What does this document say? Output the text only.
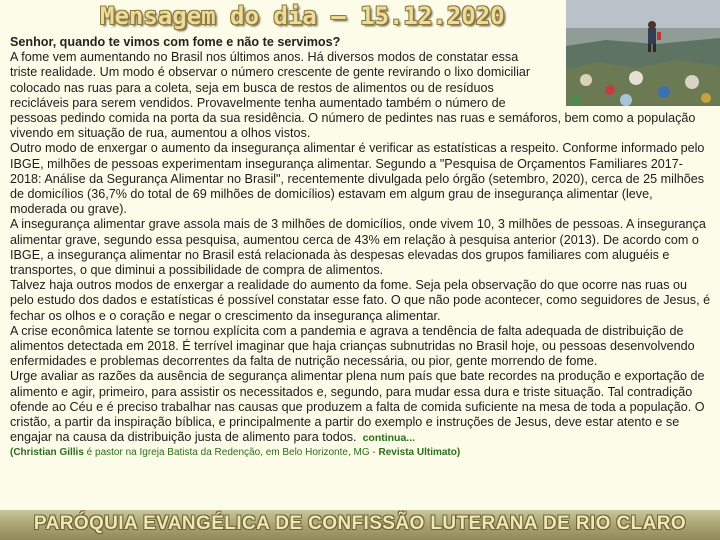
Mensagem do dia – 15.12.2020

Senhor, quando te vimos com fome e não te servimos?

A fome vem aumentando no Brasil nos últimos anos. Há diversos modos de constatar essa

triste realidade. Um modo é observar o número crescente de gente revirando o lixo domiciliar

colocado nas ruas para a coleta, seja em busca de restos de alimentos ou de resíduos

recicláveis para serem vendidos. Provavelmente tenha aumentado também o número de

pessoas pedindo comida na porta da sua residência. O número de pedintes nas ruas e semáforos, bem como a população vivendo em situação de rua, aumentou a olhos vistos.

Outro modo de enxergar o aumento da insegurança alimentar é verificar as estatísticas a respeito. Conforme informado pelo IBGE, milhões de pessoas experimentam insegurança alimentar. Segundo a "Pesquisa de Orçamentos Familiares 2017-2018: Análise da Segurança Alimentar no Brasil", recentemente divulgada pelo órgão (setembro, 2020), cerca de 25 milhões de domicílios (36,7% do total de 69 milhões de domicílios) estavam em algum grau de insegurança alimentar (leve, moderada ou grave).

A insegurança alimentar grave assola mais de 3 milhões de domicílios, onde vivem 10, 3 milhões de pessoas. A insegurança alimentar grave, segundo essa pesquisa, aumentou cerca de 43% em relação à pesquisa anterior (2013). De acordo com o IBGE, a insegurança alimentar no Brasil está relacionada às despesas elevadas dos grupos familiares com aluguéis e transportes, o que diminui a possibilidade de compra de alimentos.

Talvez haja outros modos de enxergar a realidade do aumento da fome. Seja pela observação do que ocorre nas ruas ou pelo estudo dos dados e estatísticas é possível constatar esse fato. O que não pode acontecer, como seguidores de Jesus, é fechar os olhos e o coração e negar o crescimento da insegurança alimentar.

A crise econômica latente se tornou explícita com a pandemia e agrava a tendência de falta adequada de distribuição de alimentos detectada em 2018. É terrível imaginar que haja crianças subnutridas no Brasil hoje, ou pessoas desenvolvendo enfermidades e problemas decorrentes da falta de nutrição necessária, ou pior, gente morrendo de fome.

Urge avaliar as razões da ausência de segurança alimentar plena num país que bate recordes na produção e exportação de alimento e agir, primeiro, para assistir os necessitados e, segundo, para mudar essa dura e triste situação. Tal contradição ofende ao Céu e é preciso trabalhar nas causas que produzem a falta de comida suficiente na mesa de toda a população. O cristão, a partir da inspiração bíblica, e principalmente a partir do exemplo e instruções de Jesus, deve estar atento e se engajar na causa da distribuição justa de alimento para todos. continua...

(Christian Gillis é pastor na Igreja Batista da Redenção, em Belo Horizonte, MG - Revista Ultimato)

PARÓQUIA EVANGÉLICA DE CONFISSÃO LUTERANA DE RIO CLARO
